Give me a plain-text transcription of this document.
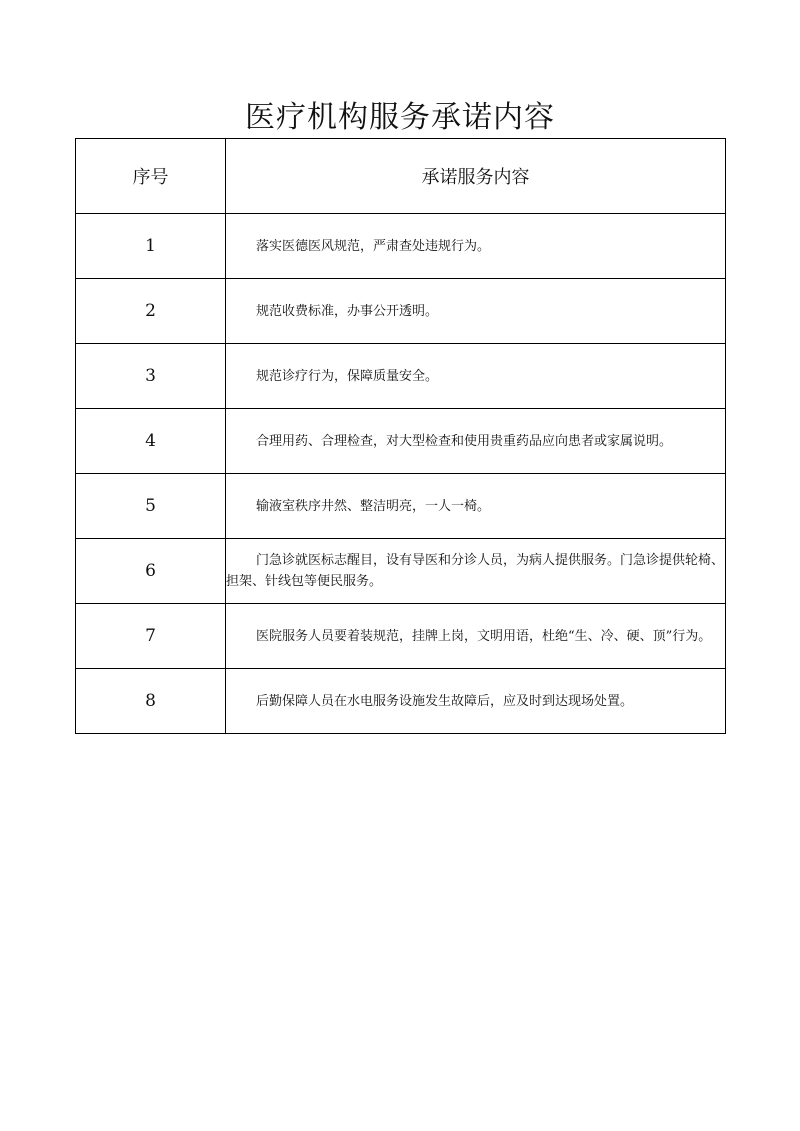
医疗机构服务承诺内容
序号	承诺服务内容
1	落实医德医风规范，严肃查处违规行为。
2	规范收费标准，办事公开透明。
3	规范诊疗行为，保障质量安全。
4	合理用药、合理检查，对大型检查和使用贵重药品应向患者或家属说明。
5	输液室秩序井然、整洁明亮，一人一椅。
6	门急诊就医标志醒目，设有导医和分诊人员，为病人提供服务。门急诊提供轮椅、担架、针线包等便民服务。
7	医院服务人员要着装规范，挂牌上岗，文明用语，杜绝“生、冷、硬、顶”行为。
8	后勤保障人员在水电服务设施发生故障后，应及时到达现场处置。
